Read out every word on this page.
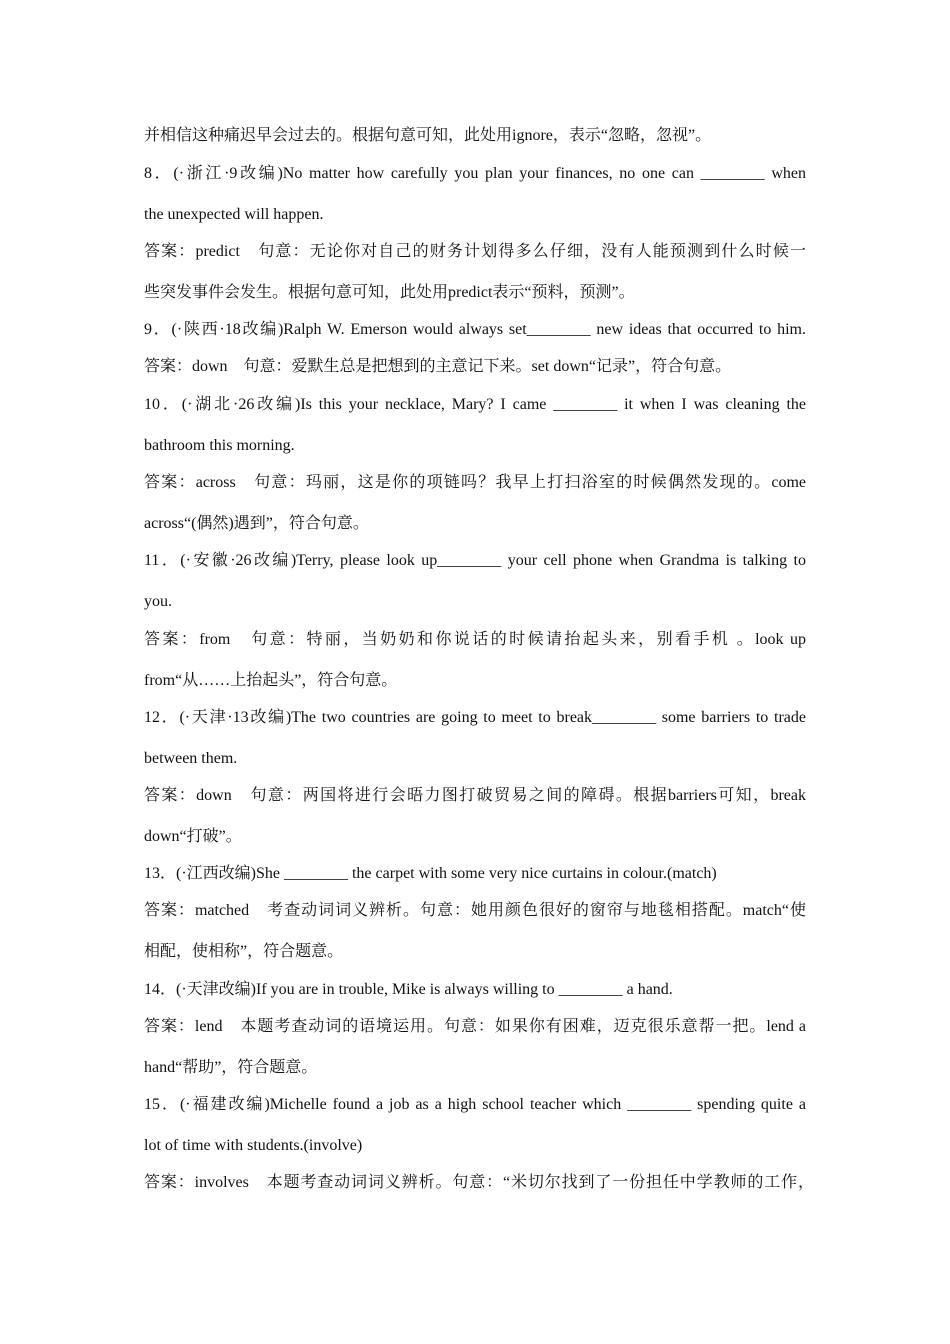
并相信这种痛迟早会过去的。根据句意可知，此处用ignore，表示“忽略，忽视”。
8．(·浙江·9改编)No matter how carefully you plan your finances, no one can ________ when
the unexpected will happen.
答案：predict　句意：无论你对自己的财务计划得多么仔细，没有人能预测到什么时候一
些突发事件会发生。根据句意可知，此处用predict表示“预料，预测”。
9．(·陕西·18改编)Ralph W. Emerson would always set________ new ideas that occurred to him.
答案：down　句意：爱默生总是把想到的主意记下来。set down“记录”，符合句意。
10．(·湖北·26改编)Is this your necklace, Mary? I came ________ it when I was cleaning the
bathroom this morning.
答案：across　句意：玛丽，这是你的项链吗？我早上打扫浴室的时候偶然发现的。come
across“(偶然)遇到”，符合句意。
11．(·安徽·26改编)Terry, please look up________ your cell phone when Grandma is talking to
you.
答案：from　句意：特丽，当奶奶和你说话的时候请抬起头来，别看手机 。look up
from“从……上抬起头”，符合句意。
12．(·天津·13改编)The two countries are going to meet to break________ some barriers to trade
between them.
答案：down　句意：两国将进行会晤力图打破贸易之间的障碍。根据barriers可知，break
down“打破”。
13．(·江西改编)She ________ the carpet with some very nice curtains in colour.(match)
答案：matched　考查动词词义辨析。句意：她用颜色很好的窗帘与地毯相搭配。match“使
相配，使相称”，符合题意。
14．(·天津改编)If you are in trouble, Mike is always willing to ________ a hand.
答案：lend　本题考查动词的语境运用。句意：如果你有困难，迈克很乐意帮一把。lend a
hand“帮助”，符合题意。
15．(·福建改编)Michelle found a job as a high school teacher which ________ spending quite a
lot of time with students.(involve)
答案：involves　本题考查动词词义辨析。句意：“米切尔找到了一份担任中学教师的工作，
